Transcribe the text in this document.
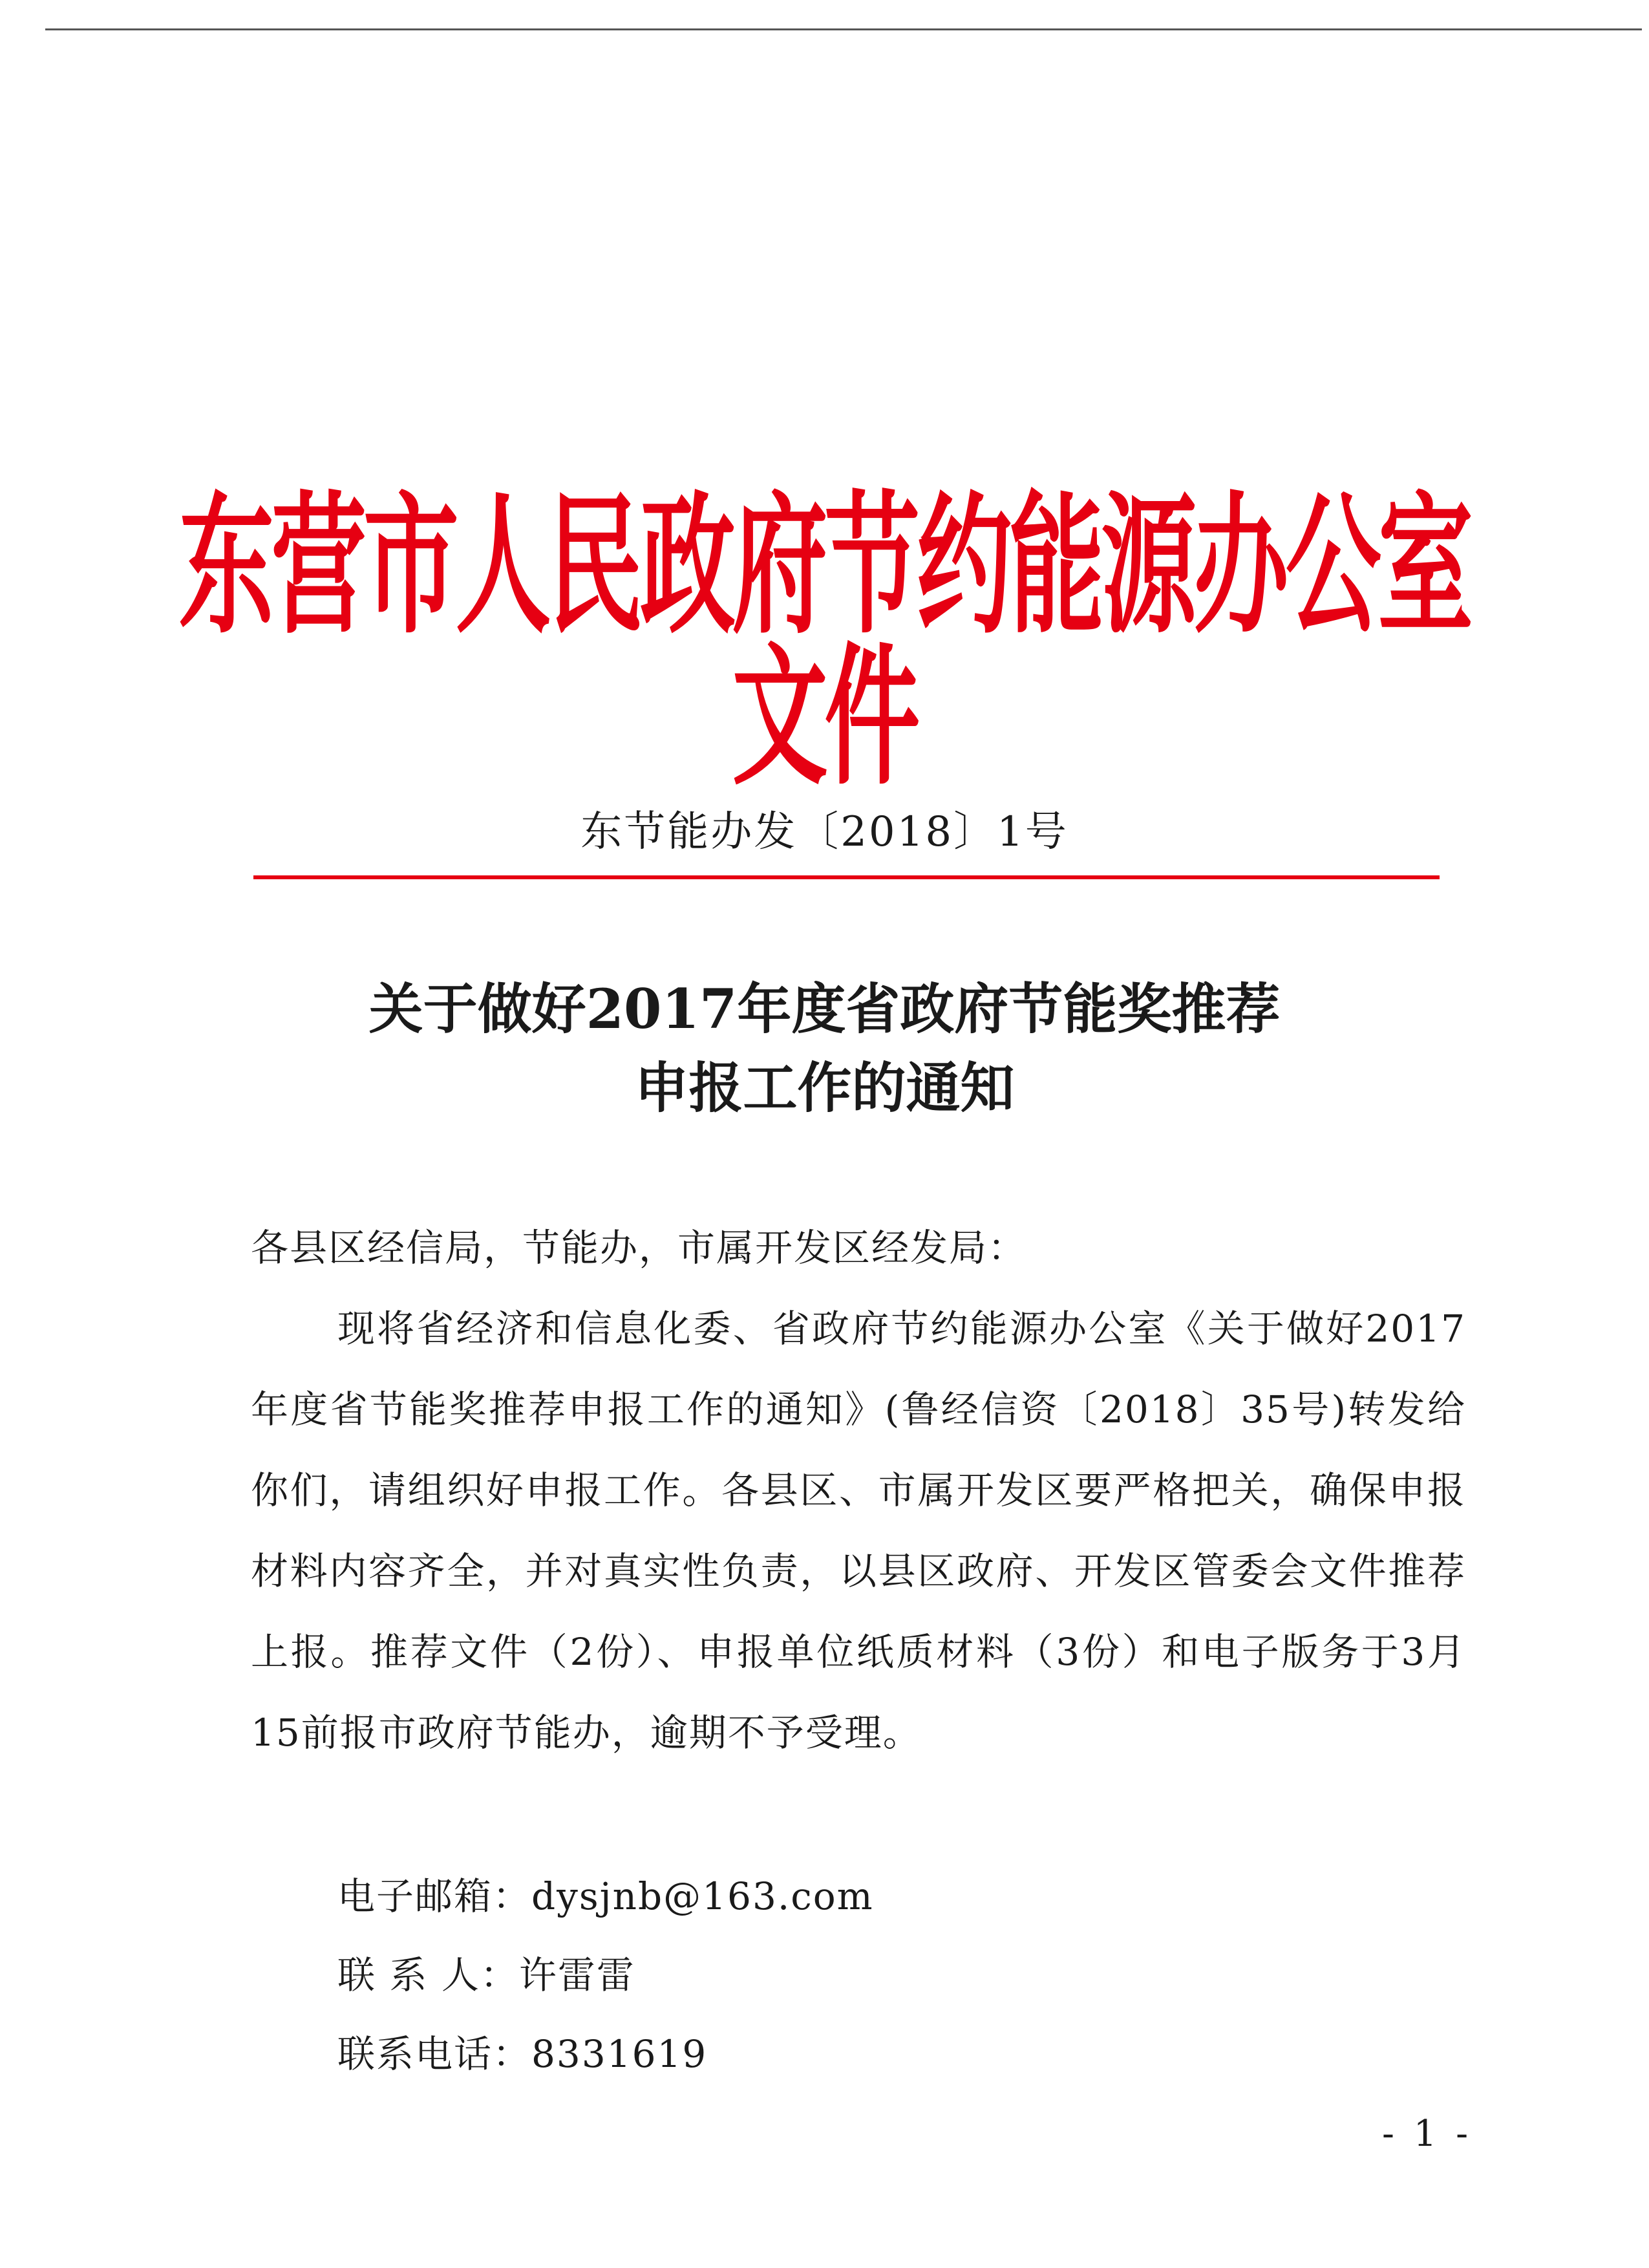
东营市人民政府节约能源办公室文件
东节能办发〔2018〕1号
关于做好2017年度省政府节能奖推荐
申报工作的通知

各县区经信局，节能办，市属开发区经发局：

现将省经济和信息化委、省政府节约能源办公室《关于做好2017年度省节能奖推荐申报工作的通知》(鲁经信资〔2018〕35号)转发给你们，请组织好申报工作。各县区、市属开发区要严格把关，确保申报材料内容齐全，并对真实性负责，以县区政府、开发区管委会文件推荐上报。推荐文件（2份）、申报单位纸质材料（3份）和电子版务于3月15前报市政府节能办，逾期不予受理。

电子邮箱：dysjnb@163.com
联 系 人：许雷雷
联系电话：8331619
- 1 -
